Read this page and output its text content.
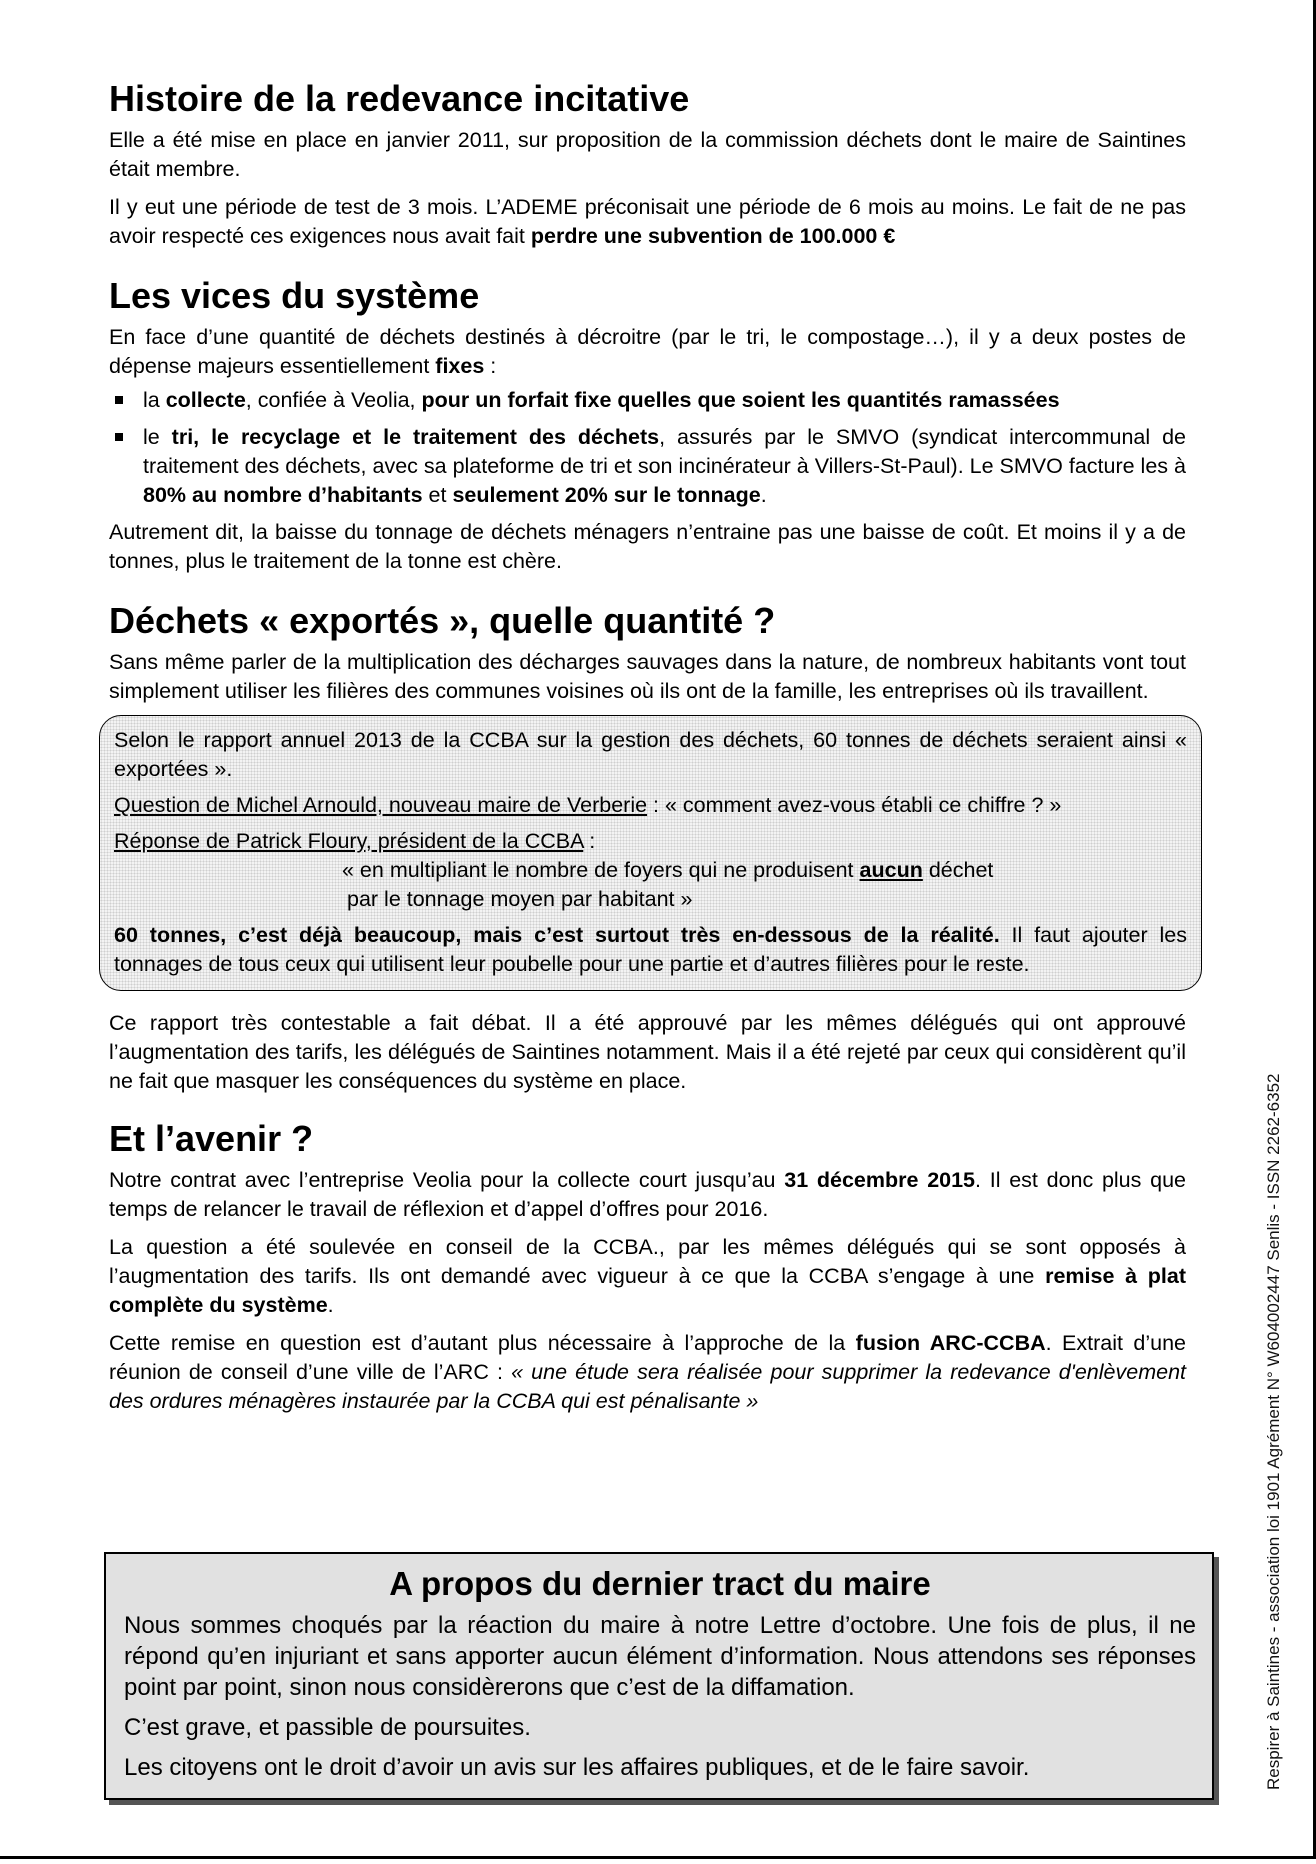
Histoire de la redevance incitative

Elle a été mise en place en janvier 2011, sur proposition de la commission déchets dont le maire de Saintines était membre.

Il y eut une période de test de 3 mois. L’ADEME préconisait une période de 6 mois au moins. Le fait de ne pas avoir respecté ces exigences nous avait fait perdre une subvention de 100.000 €

Les vices du système

En face d’une quantité de déchets destinés à décroitre (par le tri, le compostage…), il y a deux postes de dépense majeurs essentiellement fixes :

la collecte, confiée à Veolia, pour un forfait fixe quelles que soient les quantités ramassées
le tri, le recyclage et le traitement des déchets, assurés par le SMVO (syndicat intercommunal de traitement des déchets, avec sa plateforme de tri et son incinérateur à Villers-St-Paul). Le SMVO facture les à 80% au nombre d’habitants et seulement 20% sur le tonnage.

Autrement dit, la baisse du tonnage de déchets ménagers n’entraine pas une baisse de coût. Et moins il y a de tonnes, plus le traitement de la tonne est chère.

Déchets « exportés », quelle quantité ?

Sans même parler de la multiplication des décharges sauvages dans la nature, de nombreux habitants vont tout simplement utiliser les filières des communes voisines où ils ont de la famille, les entreprises où ils travaillent.

Selon le rapport annuel 2013 de la CCBA sur la gestion des déchets, 60 tonnes de déchets seraient ainsi « exportées ».

Question de Michel Arnould, nouveau maire de Verberie : « comment avez-vous établi ce chiffre ? »

Réponse de Patrick Floury, président de la CCBA :

« en multipliant le nombre de foyers qui ne produisent aucun déchet

par le tonnage moyen par habitant »

60 tonnes, c’est déjà beaucoup, mais c’est surtout très en-dessous de la réalité. Il faut ajouter les tonnages de tous ceux qui utilisent leur poubelle pour une partie et d’autres filières pour le reste.

Ce rapport très contestable a fait débat. Il a été approuvé par les mêmes délégués qui ont approuvé l’augmentation des tarifs, les délégués de Saintines notamment. Mais il a été rejeté par ceux qui considèrent qu’il ne fait que masquer les conséquences du système en place.

Et l’avenir ?

Notre contrat avec l’entreprise Veolia pour la collecte court jusqu’au 31 décembre 2015. Il est donc plus que temps de relancer le travail de réflexion et d’appel d’offres pour 2016.

La question a été soulevée en conseil de la CCBA., par les mêmes délégués qui se sont opposés à l’augmentation des tarifs. Ils ont demandé avec vigueur à ce que la CCBA s’engage à une remise à plat complète du système.

Cette remise en question est d’autant plus nécessaire à l’approche de la fusion ARC-CCBA. Extrait d’une réunion de conseil d’une ville de l’ARC : « une étude sera réalisée pour supprimer la redevance d'enlèvement des ordures ménagères instaurée par la CCBA qui est pénalisante »

A propos du dernier tract du maire

Nous sommes choqués par la réaction du maire à notre Lettre d’octobre. Une fois de plus, il ne répond qu’en injuriant et sans apporter aucun élément d’information. Nous attendons ses réponses point par point, sinon nous considèrerons que c’est de la diffamation.

C’est grave, et passible de poursuites.

Les citoyens ont le droit d’avoir un avis sur les affaires publiques, et de le faire savoir.	Respirer à Saintines - association loi 1901 Agrément N° W604002447 Senlis - ISSN 2262-6352
